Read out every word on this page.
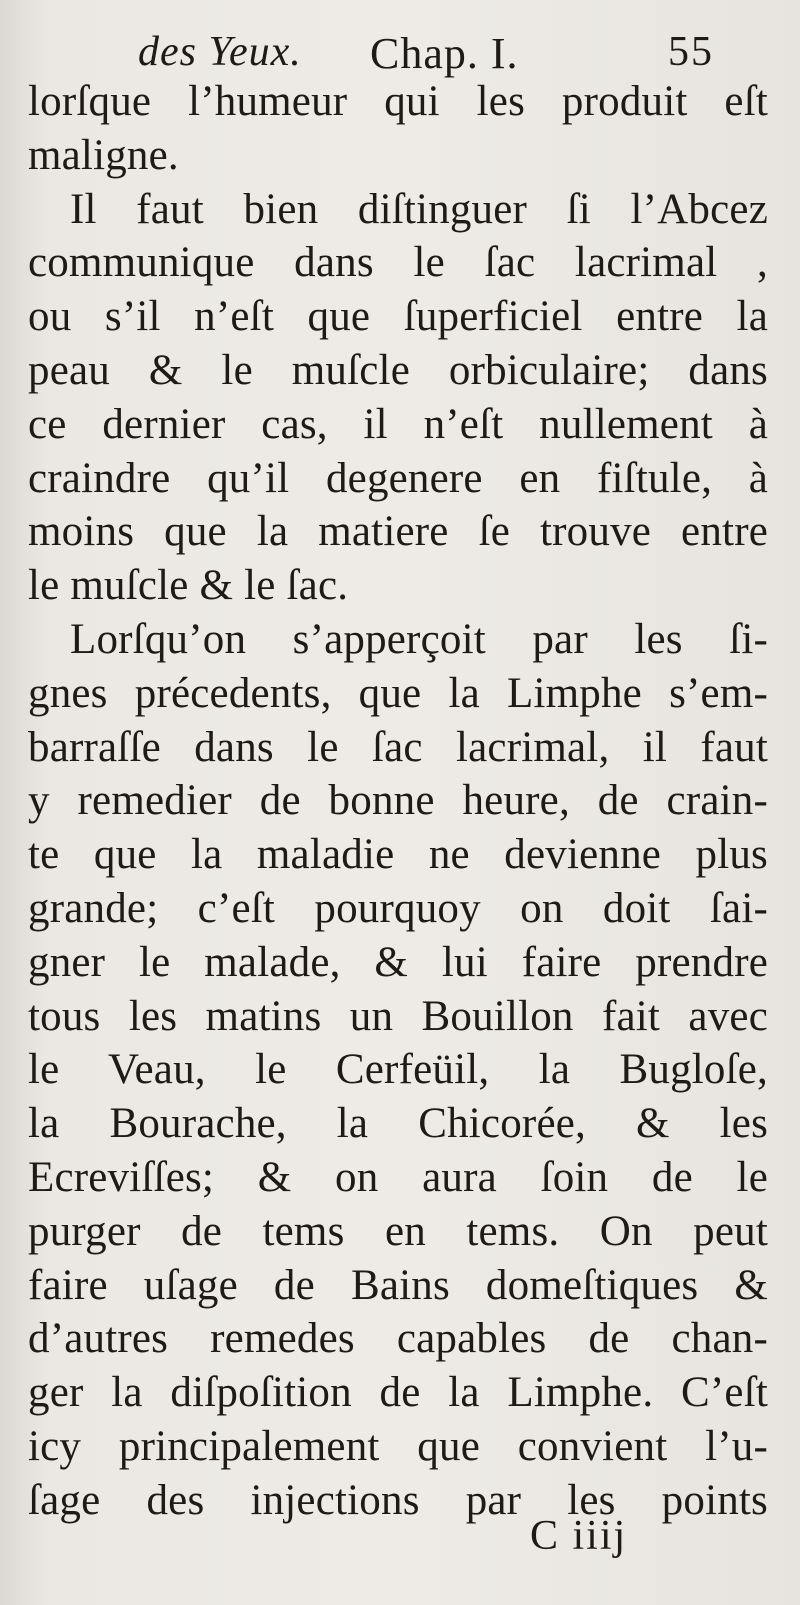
des Yeux. Chap. I.	55
lorſque l’humeur qui les produit eſt
maligne.
Il faut bien diſtinguer ſi l’Abcez
communique dans le ſac lacrimal ,
ou s’il n’eſt que ſuperficiel entre la
peau & le muſcle orbiculaire; dans
ce dernier cas, il n’eſt nullement à
craindre qu’il degenere en fiſtule, à
moins que la matiere ſe trouve entre
le muſcle & le ſac.
Lorſqu’on s’apperçoit par les ſi-
gnes précedents, que la Limphe s’em-
barraſſe dans le ſac lacrimal, il faut
y remedier de bonne heure, de crain-
te que la maladie ne devienne plus
grande; c’eſt pourquoy on doit ſai-
gner le malade, & lui faire prendre
tous les matins un Bouillon fait avec
le Veau, le Cerfeüil, la Bugloſe,
la Bourache, la Chicorée, & les
Ecreviſſes; & on aura ſoin de le
purger de tems en tems. On peut
faire uſage de Bains domeſtiques &
d’autres remedes capables de chan-
ger la diſpoſition de la Limphe. C’eſt
icy principalement que convient l’u-
ſage des injections par les points
C iiij
